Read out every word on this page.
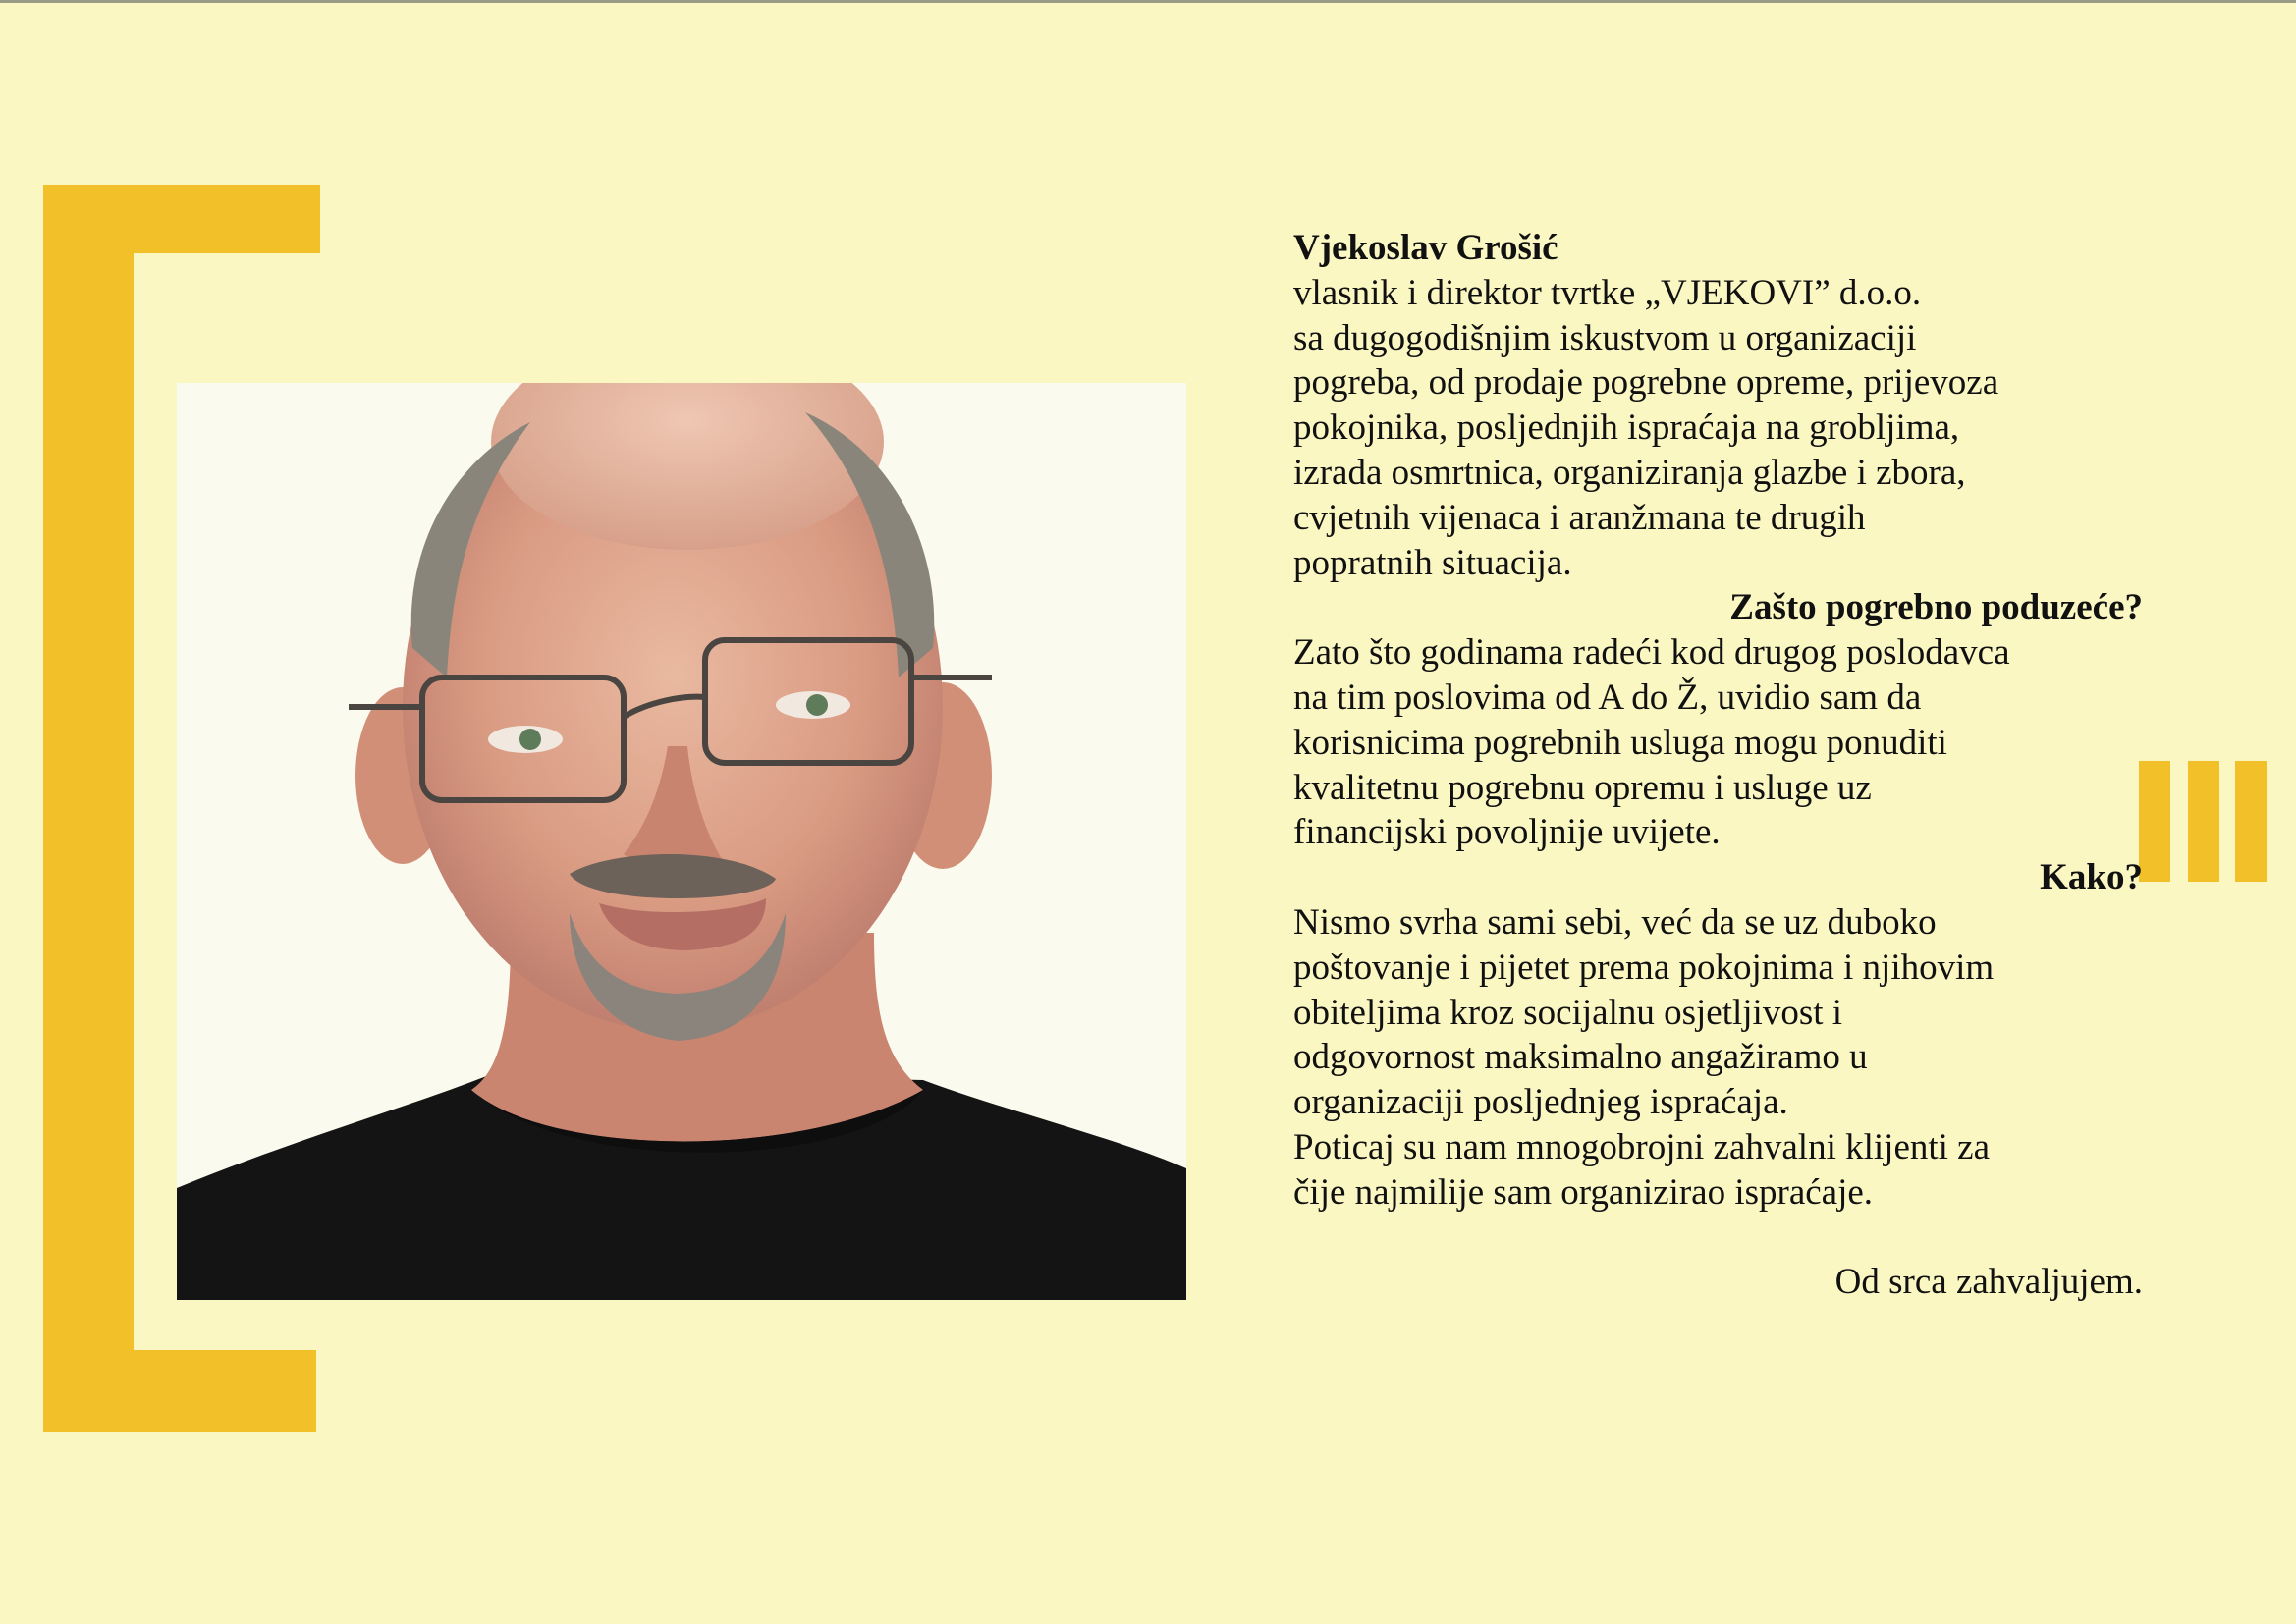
Vjekoslav Grošić
vlasnik i direktor tvrtke „VJEKOVI” d.o.o.
sa dugogodišnjim iskustvom u organizaciji
pogreba, od prodaje pogrebne opreme, prijevoza
pokojnika, posljednjih ispraćaja na grobljima,
izrada osmrtnica, organiziranja glazbe i zbora,
cvjetnih vijenaca i aranžmana te drugih
popratnih situacija.
Zašto pogrebno poduzeće?
Zato što godinama radeći kod drugog poslodavca
na tim poslovima od A do Ž, uvidio sam da
korisnicima pogrebnih usluga mogu ponuditi
kvalitetnu pogrebnu opremu i usluge uz
financijski povoljnije uvijete.
Kako?
Nismo svrha sami sebi, već da se uz duboko
poštovanje i pijetet prema pokojnima i njihovim
obiteljima kroz socijalnu osjetljivost i
odgovornost maksimalno angažiramo u
organizaciji posljednjeg ispraćaja.
Poticaj su nam mnogobrojni zahvalni klijenti za
čije najmilije sam organizirao ispraćaje.
Od srca zahvaljujem.
